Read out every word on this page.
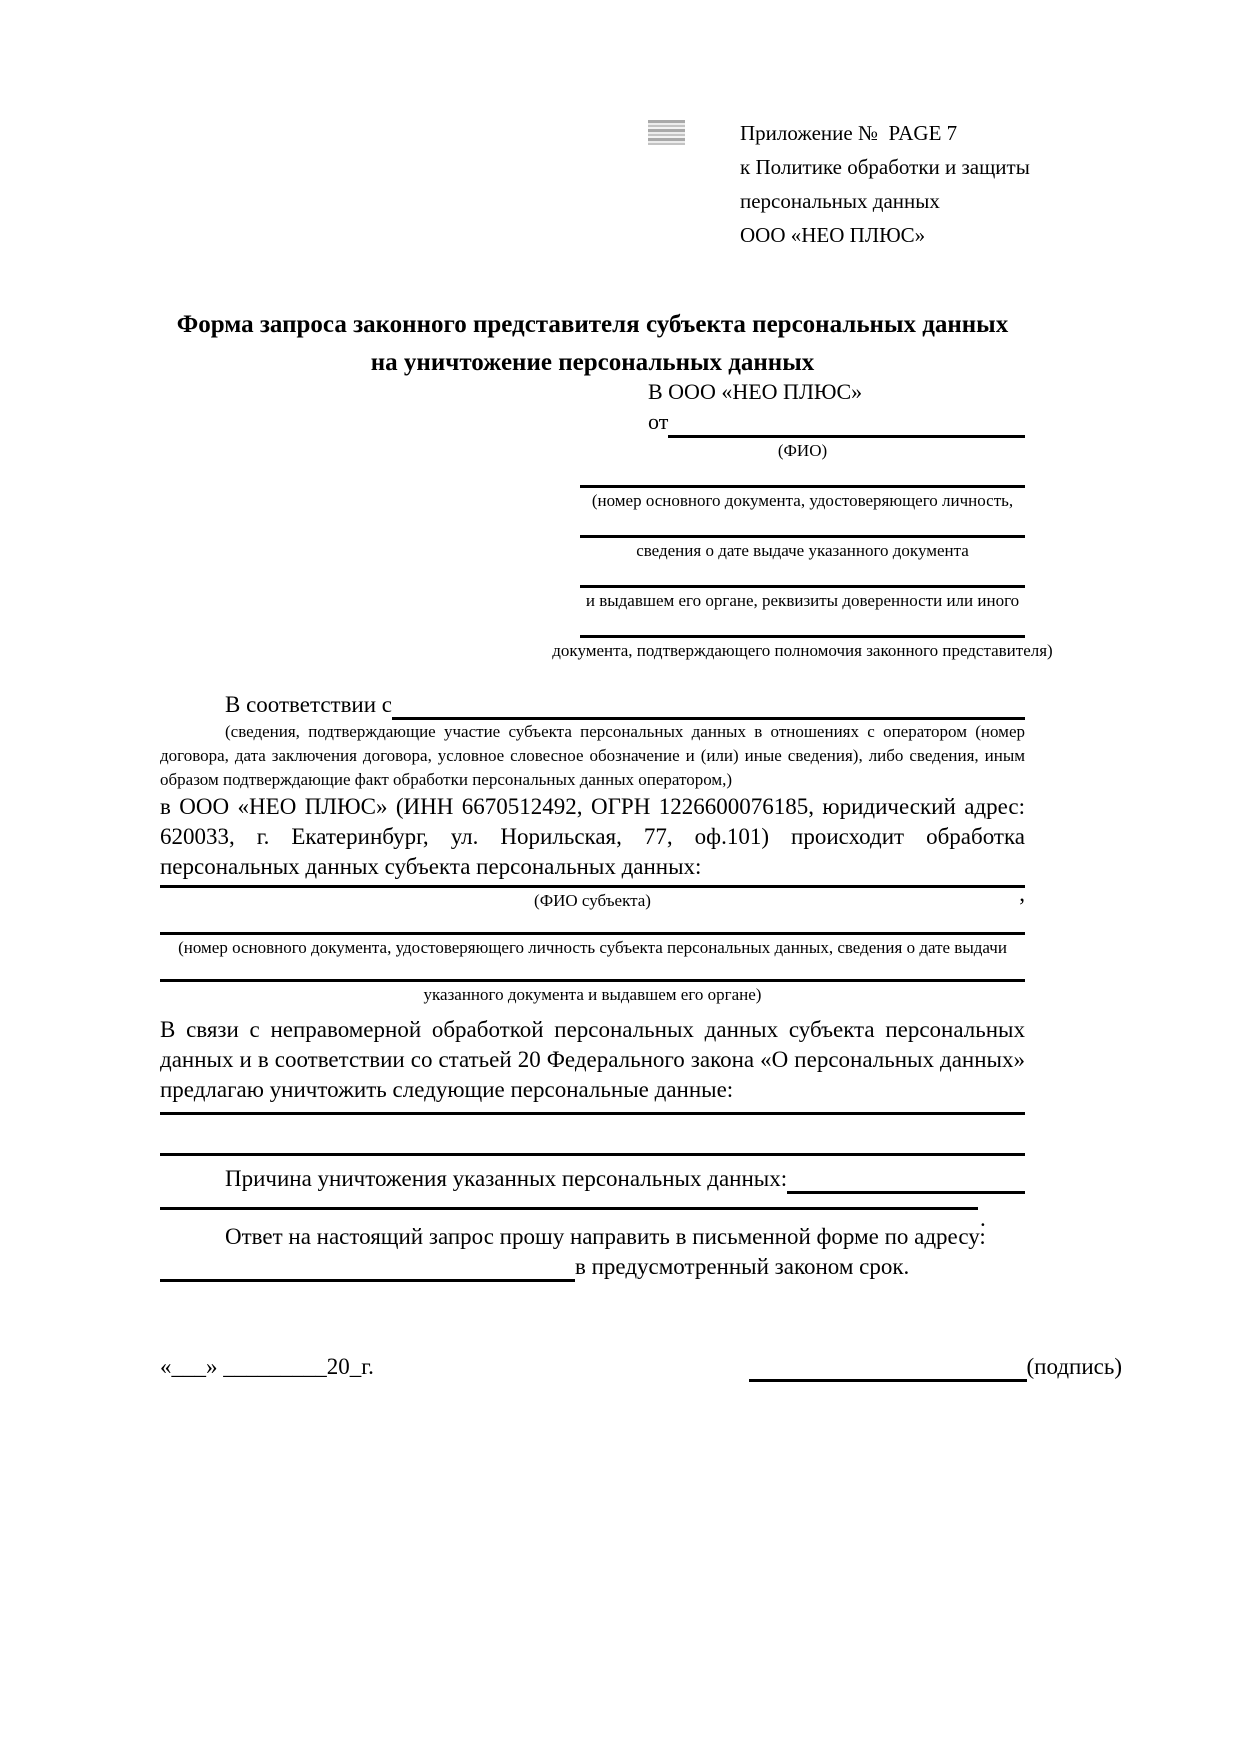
Приложение №  PAGE 7
к Политике обработки и защиты
персональных данных
ООО «НЕО ПЛЮС»
Форма запроса законного представителя субъекта персональных данных
на уничтожение персональных данных
В ООО «НЕО ПЛЮС»
от
(ФИО)
(номер основного документа, удостоверяющего личность,
сведения о дате выдаче указанного документа
и выдавшем его органе, реквизиты доверенности или иного
документа, подтверждающего полномочия законного представителя)
В соответствии с
(сведения, подтверждающие участие субъекта персональных данных в отношениях с оператором (номер договора, дата заключения договора, условное словесное обозначение и (или) иные сведения), либо сведения, иным образом подтверждающие факт обработки персональных данных оператором,)
в ООО «НЕО ПЛЮС» (ИНН 6670512492, ОГРН 1226600076185, юридический адрес: 620033, г. Екатеринбург, ул. Норильская, 77, оф.101) происходит обработка персональных данных субъекта персональных данных:
,
(ФИО субъекта)
(номер основного документа, удостоверяющего личность субъекта персональных данных, сведения о дате выдачи
указанного документа и выдавшем его органе)
В связи с неправомерной обработкой персональных данных субъекта персональных данных и в соответствии со статьей 20 Федерального закона «О персональных данных» предлагаю уничтожить следующие персональные данные:
Причина уничтожения указанных персональных данных:
.
Ответ на настоящий запрос прошу направить в письменной форме по адресу:
в предусмотренный законом срок.
«___» _________20_г.	(подпись)
